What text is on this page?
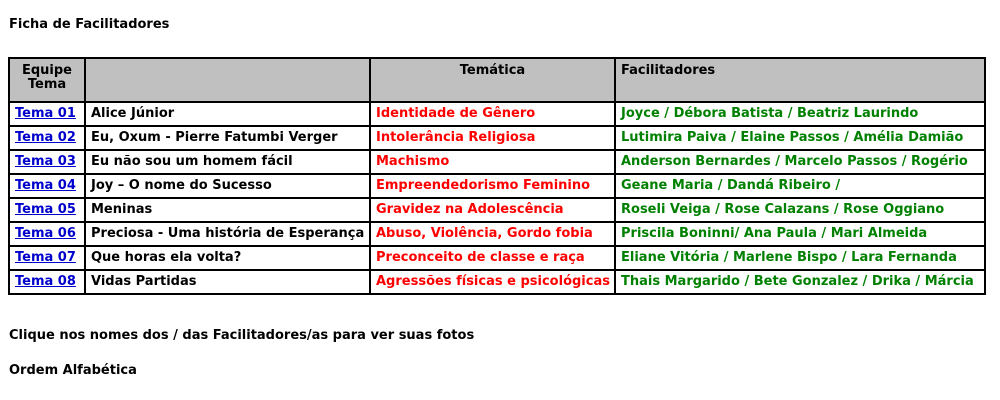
Ficha de Facilitadores

Equipe
Tema		Temática	Facilitadores
Tema 01	Alice Júnior	Identidade de Gênero	Joyce / Débora Batista / Beatriz Laurindo
Tema 02	Eu, Oxum - Pierre Fatumbi Verger	Intolerância Religiosa	Lutimira Paiva / Elaine Passos / Amélia Damião
Tema 03	Eu não sou um homem fácil	Machismo	Anderson Bernardes / Marcelo Passos / Rogério
Tema 04	Joy – O nome do Sucesso	Empreendedorismo Feminino	Geane Maria / Dandá Ribeiro /
Tema 05	Meninas	Gravidez na Adolescência	Roseli Veiga / Rose Calazans / Rose Oggiano
Tema 06	Preciosa - Uma história de Esperança	Abuso, Violência, Gordo fobia	Priscila Boninni/ Ana Paula / Mari Almeida
Tema 07	Que horas ela volta?	Preconceito de classe e raça	Eliane Vitória / Marlene Bispo / Lara Fernanda
Tema 08	Vidas Partidas	Agressões físicas e psicológicas	Thais Margarido / Bete Gonzalez / Drika / Márcia

Clique nos nomes dos / das Facilitadores/as para ver suas fotos

Ordem Alfabética
